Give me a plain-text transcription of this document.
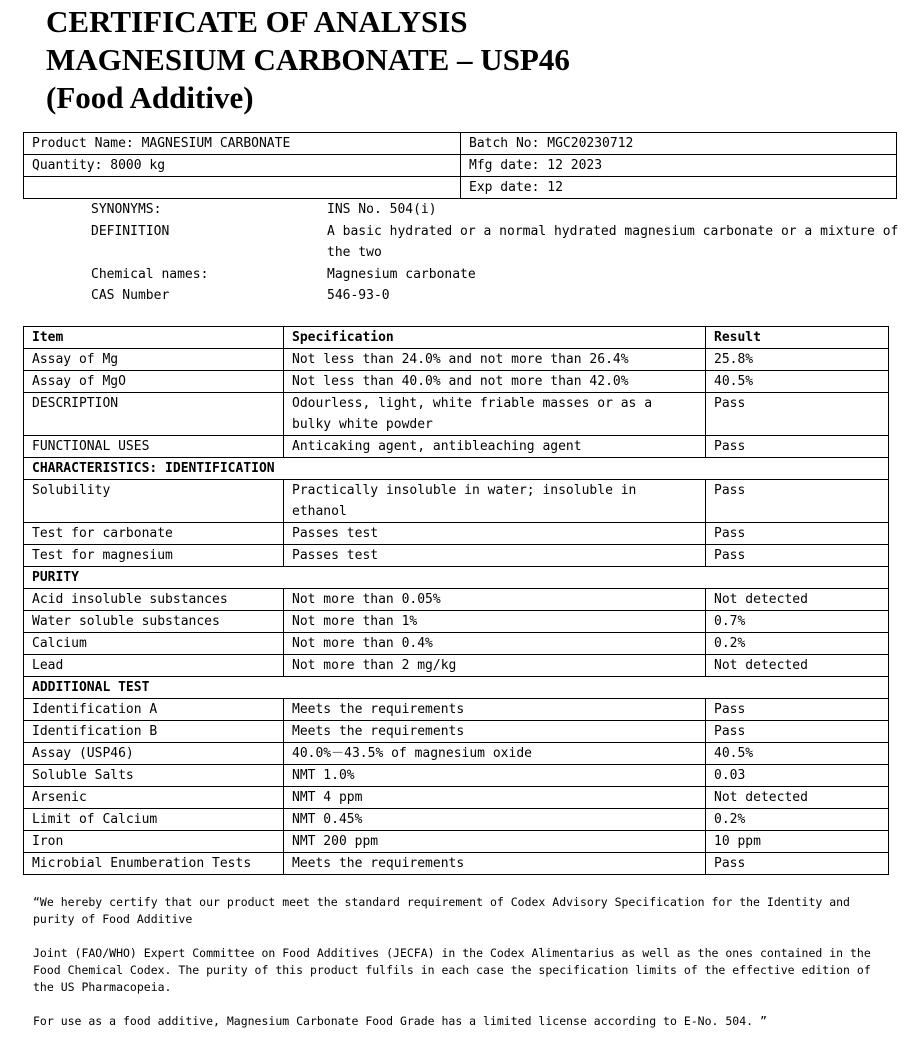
CERTIFICATE OF ANALYSIS
MAGNESIUM CARBONATE – USP46
(Food Additive)
Product Name: MAGNESIUM CARBONATE	Batch No: MGC20230712
Quantity: 8000 kg	Mfg date: 12 2023
	Exp date: 12
SYNONYMS:	INS No. 504(i)
DEFINITION	A basic hydrated or a normal hydrated magnesium carbonate or a mixture of the two
Chemical names:	Magnesium carbonate
CAS Number	546-93-0
Item	Specification	Result
Assay of Mg	Not less than 24.0% and not more than 26.4%	25.8%
Assay of MgO	Not less than 40.0% and not more than 42.0%	40.5%
DESCRIPTION	Odourless, light, white friable masses or as a bulky white powder	Pass
FUNCTIONAL USES	Anticaking agent, antibleaching agent	Pass
CHARACTERISTICS: IDENTIFICATION		
Solubility	Practically insoluble in water; insoluble in ethanol	Pass
Test for carbonate	Passes test	Pass
Test for magnesium	Passes test	Pass
PURITY		
Acid insoluble substances	Not more than 0.05%	Not detected
Water soluble substances	Not more than 1%	0.7%
Calcium	Not more than 0.4%	0.2%
Lead	Not more than 2 mg/kg	Not detected
ADDITIONAL TEST		
Identification A	Meets the requirements	Pass
Identification B	Meets the requirements	Pass
Assay (USP46)	40.0%－43.5% of magnesium oxide	40.5%
Soluble Salts	NMT 1.0%	0.03
Arsenic	NMT 4 ppm	Not detected
Limit of Calcium	NMT 0.45%	0.2%
Iron	NMT 200 ppm	10 ppm
Microbial Enumberation Tests	Meets the requirements	Pass

“We hereby certify that our product meet the standard requirement of Codex Advisory Specification for the Identity and purity of Food Additive

Joint (FAO/WHO) Expert Committee on Food Additives (JECFA) in the Codex Alimentarius as well as the ones contained in the Food Chemical Codex. The purity of this product fulfils in each case the specification limits of the effective edition of the US Pharmacopeia.

For use as a food additive, Magnesium Carbonate Food Grade has a limited license according to E-No. 504. ”
